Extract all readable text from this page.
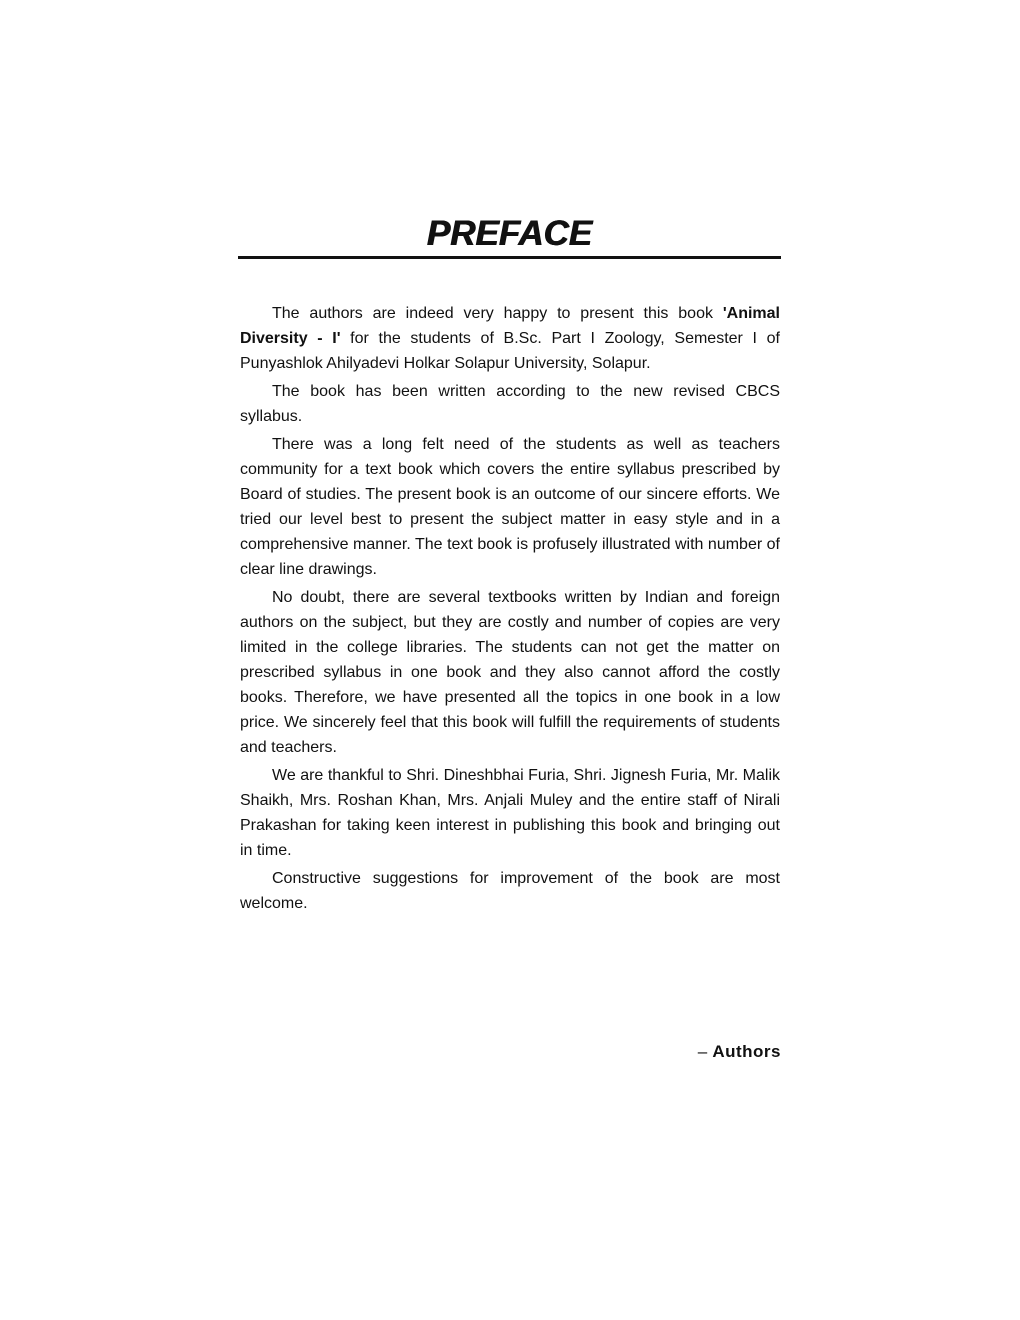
PREFACE

The authors are indeed very happy to present this book 'Animal Diversity - I' for the students of B.Sc. Part I Zoology, Semester I of Punyashlok Ahilyadevi Holkar Solapur University, Solapur.

The book has been written according to the new revised CBCS syllabus.

There was a long felt need of the students as well as teachers community for a text book which covers the entire syllabus prescribed by Board of studies. The present book is an outcome of our sincere efforts. We tried our level best to present the subject matter in easy style and in a comprehensive manner. The text book is profusely illustrated with number of clear line drawings.

No doubt, there are several textbooks written by Indian and foreign authors on the subject, but they are costly and number of copies are very limited in the college libraries. The students can not get the matter on prescribed syllabus in one book and they also cannot afford the costly books. Therefore, we have presented all the topics in one book in a low price. We sincerely feel that this book will fulfill the requirements of students and teachers.

We are thankful to Shri. Dineshbhai Furia, Shri. Jignesh Furia, Mr. Malik Shaikh, Mrs. Roshan Khan, Mrs. Anjali Muley and the entire staff of Nirali Prakashan for taking keen interest in publishing this book and bringing out in time.

Constructive suggestions for improvement of the book are most welcome.

– Authors
